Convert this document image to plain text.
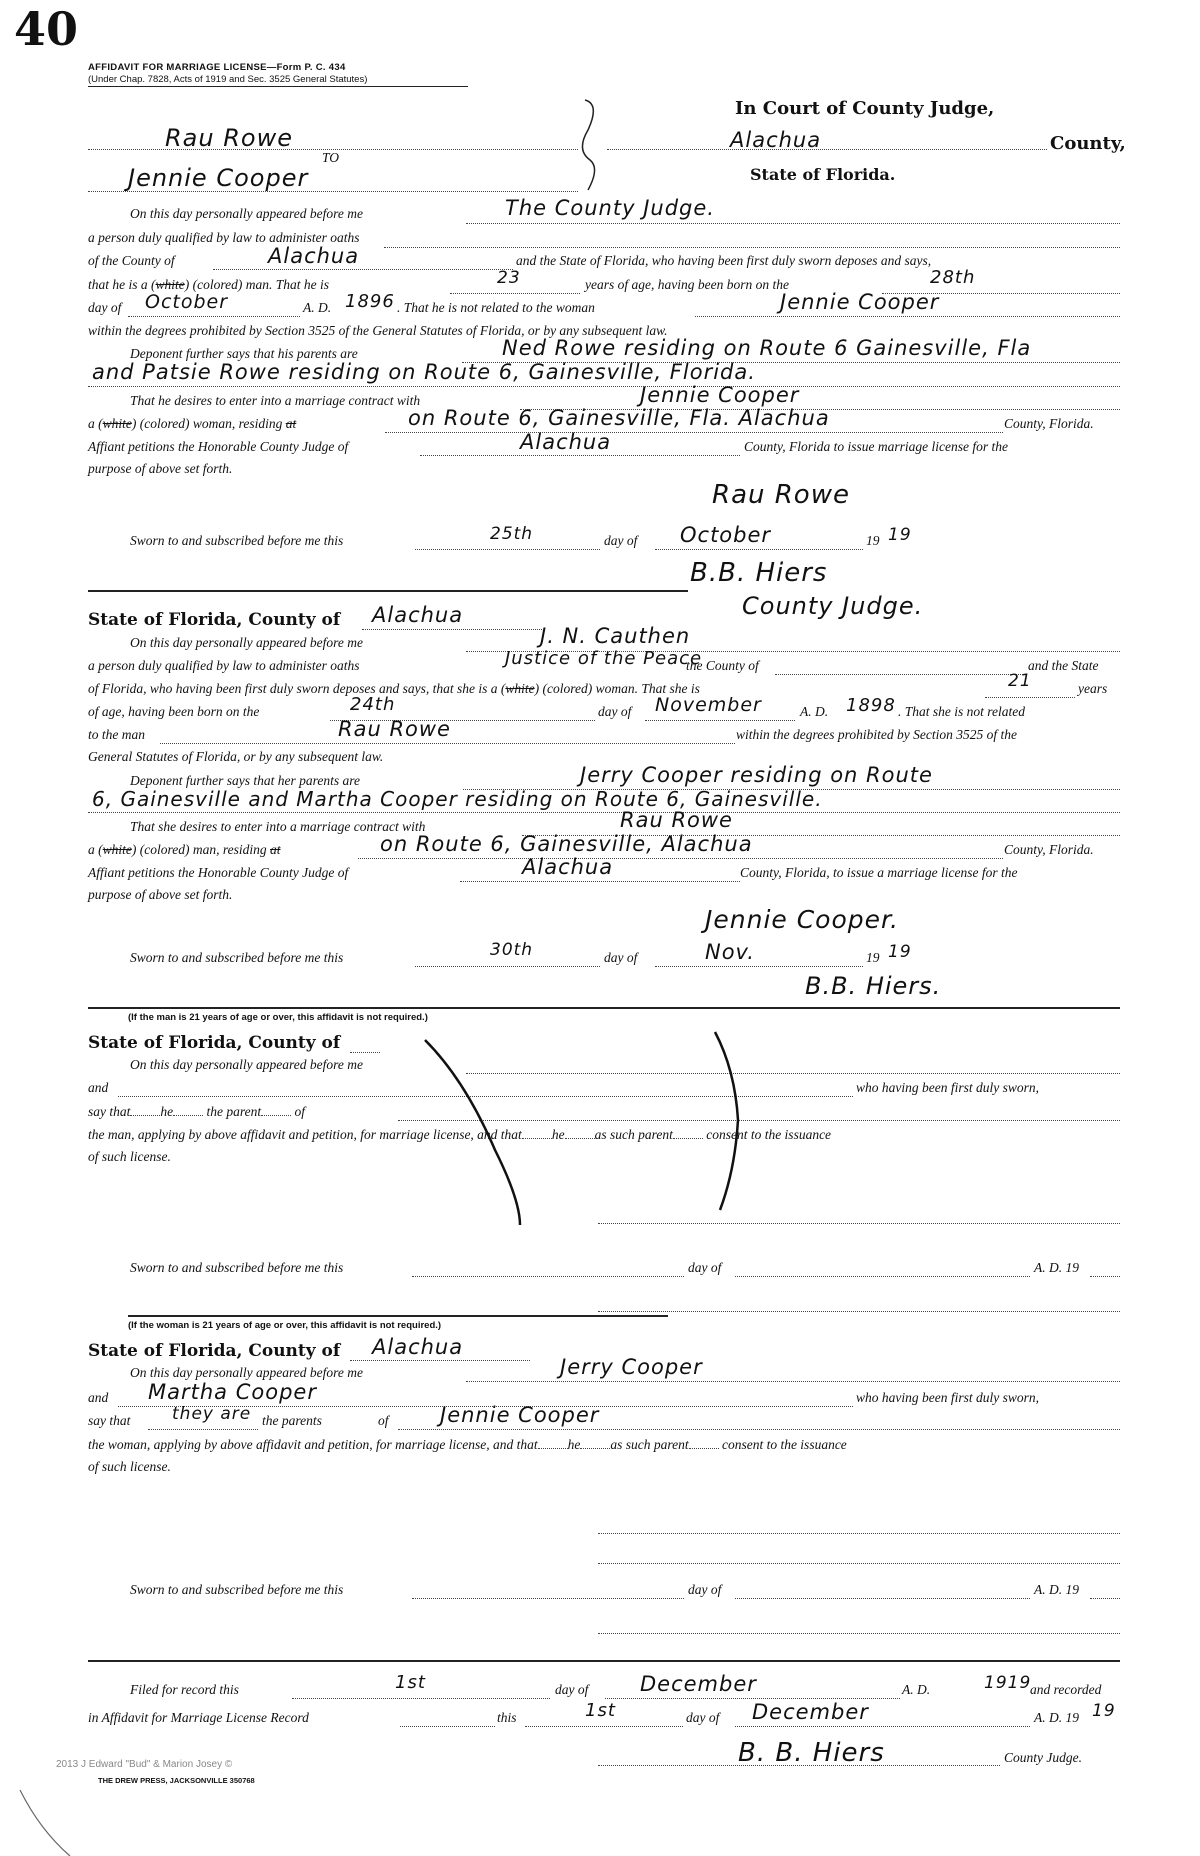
40
AFFIDAVIT FOR MARRIAGE LICENSE—Form P. C. 434
(Under Chap. 7828, Acts of 1919 and Sec. 3525 General Statutes)
In Court of County Judge,
Alachua	County,
State of Florida.
Rau Rowe
TO
Jennie Cooper
On this day personally appeared before me	The County Judge.
a person duly qualified by law to administer oaths
of the County of	Alachua	and the State of Florida, who having been first duly sworn deposes and says,
that he is a (white) (colored) man. That he is	23	years of age, having been born on the	28th
day of October	A. D. 1896 . That he is not related to the woman	Jennie Cooper
within the degrees prohibited by Section 3525 of the General Statutes of Florida, or by any subsequent law.
Deponent further says that his parents are	Ned Rowe residing on Route 6 Gainesville, Fla
and Patsie Rowe residing on Route 6, Gainesville, Florida.
That he desires to enter into a marriage contract with	Jennie Cooper
a (white) (colored) woman, residing at	on Route 6, Gainesville, Fla. Alachua	County, Florida.
Affiant petitions the Honorable County Judge of	Alachua	County, Florida to issue marriage license for the
purpose of above set forth.
Rau Rowe
Sworn to and subscribed before me this	25th	day of October	19 19
B.B. Hiers
County Judge.
State of Florida, County of Alachua
On this day personally appeared before me	J. N. Cauthen
a person duly qualified by law to administer oaths	Justice of the Peace
the County of	and the State
of Florida, who having been first duly sworn deposes and says, that she is a (white) (colored) woman. That she is	21	years
of age, having been born on the	24th	day of November	A. D. 1898 . That she is not related
to the man	Rau Rowe	within the degrees prohibited by Section 3525 of the
General Statutes of Florida, or by any subsequent law.
Deponent further says that her parents are	Jerry Cooper residing on Route
6, Gainesville and Martha Cooper residing on Route 6, Gainesville.
That she desires to enter into a marriage contract with	Rau Rowe
a (white) (colored) man, residing at	on Route 6, Gainesville, Alachua	County, Florida.
Affiant petitions the Honorable County Judge of	Alachua	County, Florida, to issue a marriage license for the
purpose of above set forth.
Jennie Cooper.
Sworn to and subscribed before me this	30th	day of	Nov.	19 19
B.B. Hiers.
(If the man is 21 years of age or over, this affidavit is not required.)
State of Florida, County of
On this day personally appeared before me
and	who having been first duly sworn,
say that he the parent of
the man, applying by above affidavit and petition, for marriage license, and that he as such parent consent to the issuance
of such license.
Sworn to and subscribed before me this	day of	A. D. 19
(If the woman is 21 years of age or over, this affidavit is not required.)
State of Florida, County of Alachua
On this day personally appeared before me	Jerry Cooper
and Martha Cooper	who having been first duly sworn,
say that they are the parents	of Jennie Cooper
the woman, applying by above affidavit and petition, for marriage license, and that he as such parent consent to the issuance
of such license.
Sworn to and subscribed before me this	day of	A. D. 19
Filed for record this	1st	day of December	A. D.	1919
and recorded
in Affidavit for Marriage License Record	this	1st	day of December	A. D. 19 19
B. B. Hiers	County Judge.
2013 J Edward "Bud" & Marion Josey ©
THE DREW PRESS, JACKSONVILLE 350768
